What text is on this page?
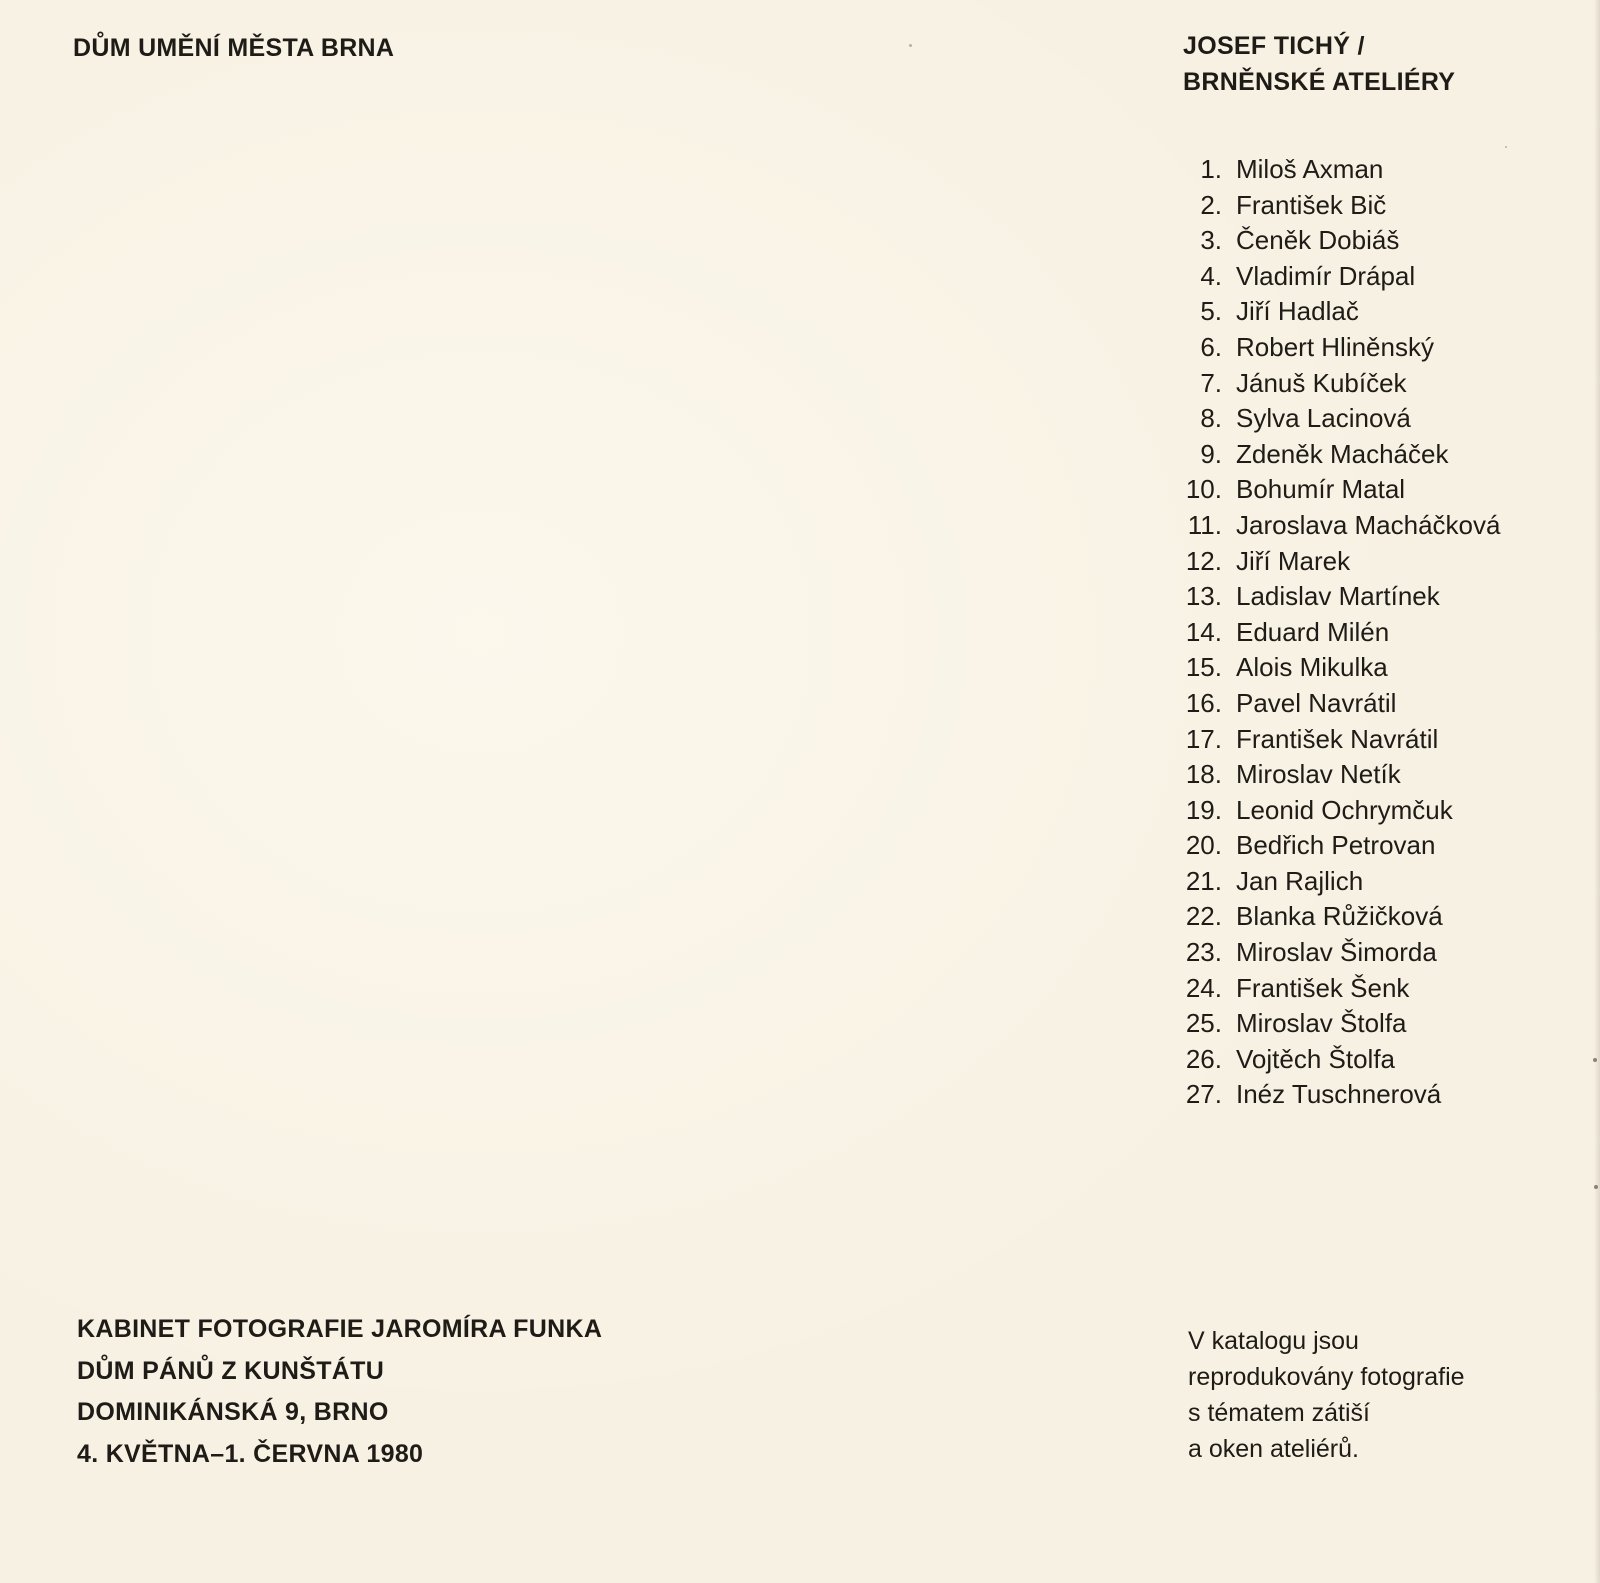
DŮM UMĚNÍ MĚSTA BRNA	JOSEF TICHÝ /

BRNĚNSKÉ ATELIÉRY

1. Miloš Axman
2. František Bič
3. Čeněk Dobiáš
4. Vladimír Drápal
5. Jiří Hadlač
6. Robert Hliněnský
7. Jánuš Kubíček
8. Sylva Lacinová
9. Zdeněk Macháček
10. Bohumír Matal
11. Jaroslava Macháčková
12. Jiří Marek
13. Ladislav Martínek
14. Eduard Milén
15. Alois Mikulka
16. Pavel Navrátil
17. František Navrátil
18. Miroslav Netík
19. Leonid Ochrymčuk
20. Bedřich Petrovan
21. Jan Rajlich
22. Blanka Růžičková
23. Miroslav Šimorda
24. František Šenk
25. Miroslav Štolfa
26. Vojtěch Štolfa
27. Inéz Tuschnerová

KABINET FOTOGRAFIE JAROMÍRA FUNKA

DŮM PÁNŮ Z KUNŠTÁTU

DOMINIKÁNSKÁ 9, BRNO

4. KVĚTNA–1. ČERVNA 1980

V katalogu jsou

reprodukovány fotografie

s tématem zátiší

a oken ateliérů.
